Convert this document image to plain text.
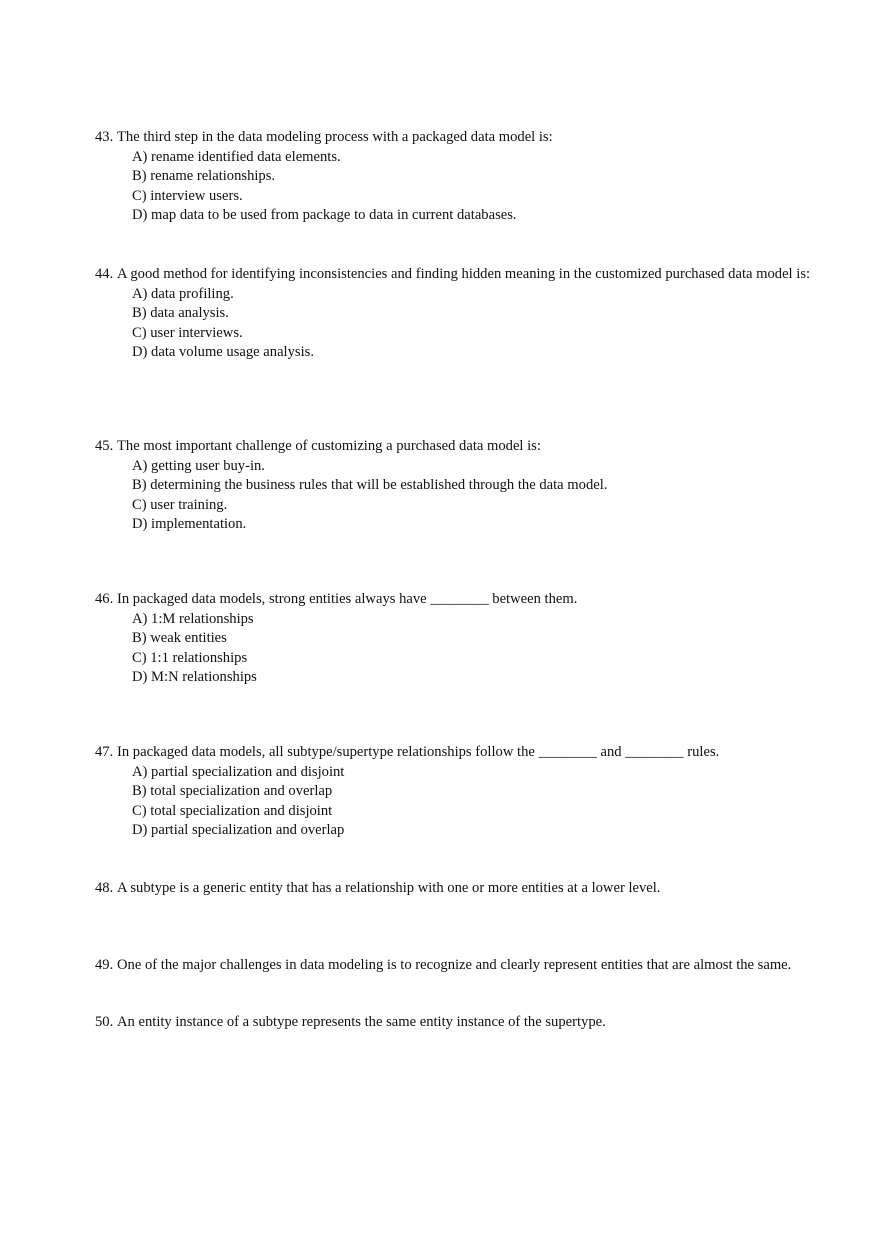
43. The third step in the data modeling process with a packaged data model is:
A) rename identified data elements.
B) rename relationships.
C) interview users.
D) map data to be used from package to data in current databases.
44. A good method for identifying inconsistencies and finding hidden meaning in the customized purchased data model is:
A) data profiling.
B) data analysis.
C) user interviews.
D) data volume usage analysis.
45. The most important challenge of customizing a purchased data model is:
A) getting user buy-in.
B) determining the business rules that will be established through the data model.
C) user training.
D) implementation.
46. In packaged data models, strong entities always have ________ between them.
A) 1:M relationships
B) weak entities
C) 1:1 relationships
D) M:N relationships
47. In packaged data models, all subtype/supertype relationships follow the ________ and ________ rules.
A) partial specialization and disjoint
B) total specialization and overlap
C) total specialization and disjoint
D) partial specialization and overlap
48. A subtype is a generic entity that has a relationship with one or more entities at a lower level.
49. One of the major challenges in data modeling is to recognize and clearly represent entities that are almost the same.
50. An entity instance of a subtype represents the same entity instance of the supertype.
